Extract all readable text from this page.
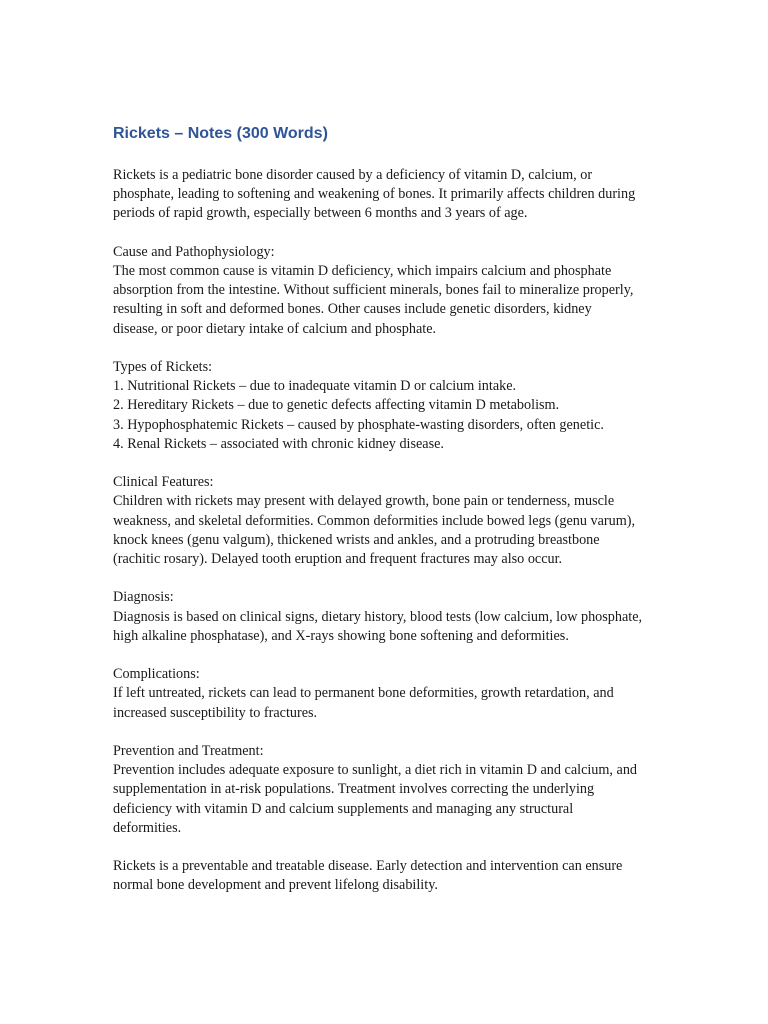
Rickets – Notes (300 Words)

Rickets is a pediatric bone disorder caused by a deficiency of vitamin D, calcium, or
phosphate, leading to softening and weakening of bones. It primarily affects children during
periods of rapid growth, especially between 6 months and 3 years of age.

Cause and Pathophysiology:
The most common cause is vitamin D deficiency, which impairs calcium and phosphate
absorption from the intestine. Without sufficient minerals, bones fail to mineralize properly,
resulting in soft and deformed bones. Other causes include genetic disorders, kidney
disease, or poor dietary intake of calcium and phosphate.

Types of Rickets:
1. Nutritional Rickets – due to inadequate vitamin D or calcium intake.
2. Hereditary Rickets – due to genetic defects affecting vitamin D metabolism.
3. Hypophosphatemic Rickets – caused by phosphate-wasting disorders, often genetic.
4. Renal Rickets – associated with chronic kidney disease.

Clinical Features:
Children with rickets may present with delayed growth, bone pain or tenderness, muscle
weakness, and skeletal deformities. Common deformities include bowed legs (genu varum),
knock knees (genu valgum), thickened wrists and ankles, and a protruding breastbone
(rachitic rosary). Delayed tooth eruption and frequent fractures may also occur.

Diagnosis:
Diagnosis is based on clinical signs, dietary history, blood tests (low calcium, low phosphate,
high alkaline phosphatase), and X-rays showing bone softening and deformities.

Complications:
If left untreated, rickets can lead to permanent bone deformities, growth retardation, and
increased susceptibility to fractures.

Prevention and Treatment:
Prevention includes adequate exposure to sunlight, a diet rich in vitamin D and calcium, and
supplementation in at-risk populations. Treatment involves correcting the underlying
deficiency with vitamin D and calcium supplements and managing any structural
deformities.

Rickets is a preventable and treatable disease. Early detection and intervention can ensure
normal bone development and prevent lifelong disability.
